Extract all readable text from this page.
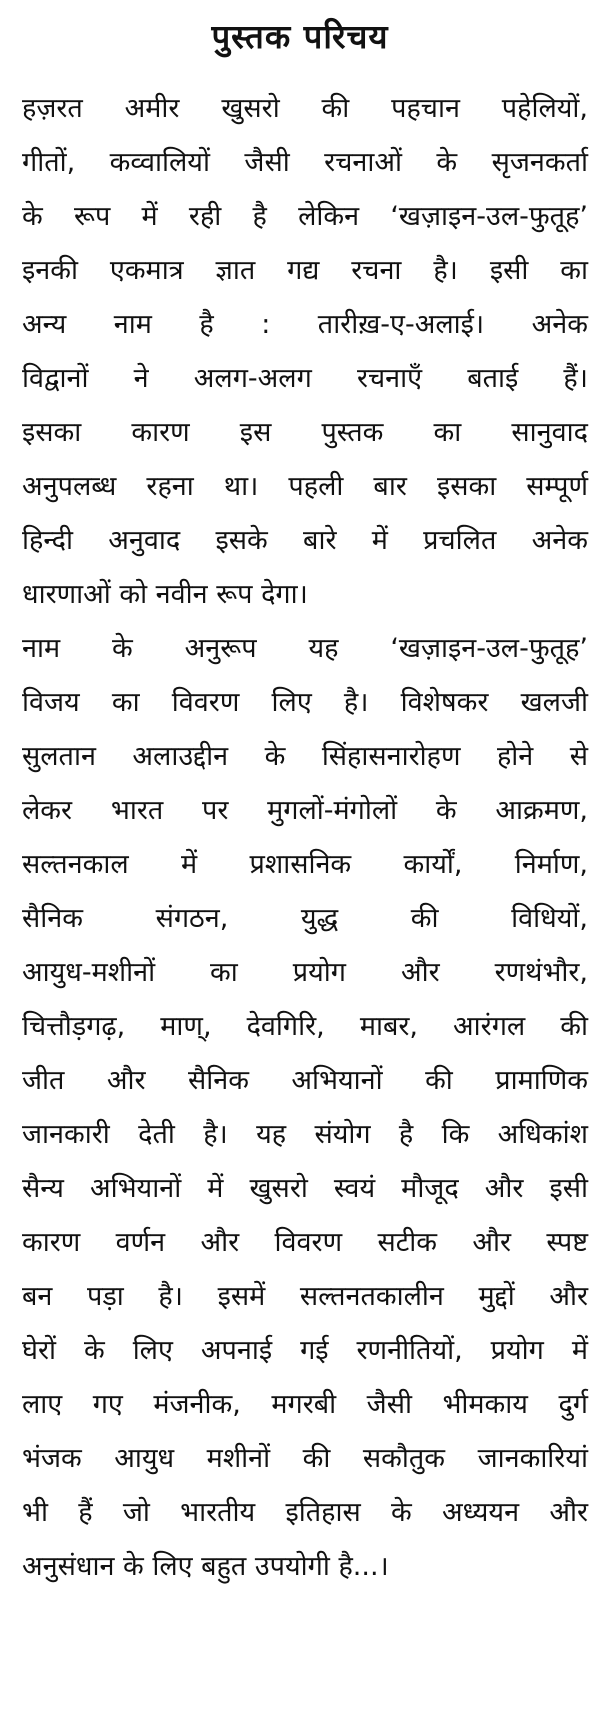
पुस्तक परिचय
हज़रत अमीर खुसरो की पहचान पहेलियों,
गीतों, कव्वालियों जैसी रचनाओं के सृजनकर्ता
के रूप में रही है लेकिन ‘खज़ाइन-उल-फुतूह’
इनकी एकमात्र ज्ञात गद्य रचना है। इसी का
अन्य नाम है : तारीख़-ए-अलाई। अनेक
विद्वानों ने अलग-अलग रचनाएँ बताई हैं।
इसका कारण इस पुस्तक का सानुवाद
अनुपलब्ध रहना था। पहली बार इसका सम्पूर्ण
हिन्दी अनुवाद इसके बारे में प्रचलित अनेक
धारणाओं को नवीन रूप देगा।
नाम के अनुरूप यह ‘खज़ाइन-उल-फुतूह’
विजय का विवरण लिए है। विशेषकर खलजी
सुलतान अलाउद्दीन के सिंहासनारोहण होने से
लेकर भारत पर मुगलों-मंगोलों के आक्रमण,
सल्तनकाल में प्रशासनिक कार्यों, निर्माण,
सैनिक संगठन, युद्ध की विधियों,
आयुध-मशीनों का प्रयोग और रणथंभौर,
चित्तौड़गढ़, माण्, देवगिरि, माबर, आरंगल की
जीत और सैनिक अभियानों की प्रामाणिक
जानकारी देती है। यह संयोग है कि अधिकांश
सैन्य अभियानों में खुसरो स्वयं मौजूद और इसी
कारण वर्णन और विवरण सटीक और स्पष्ट
बन पड़ा है। इसमें सल्तनतकालीन मुद्दों और
घेरों के लिए अपनाई गई रणनीतियों, प्रयोग में
लाए गए मंजनीक, मगरबी जैसी भीमकाय दुर्ग
भंजक आयुध मशीनों की सकौतुक जानकारियां
भी हैं जो भारतीय इतिहास के अध्ययन और
अनुसंधान के लिए बहुत उपयोगी है...।
